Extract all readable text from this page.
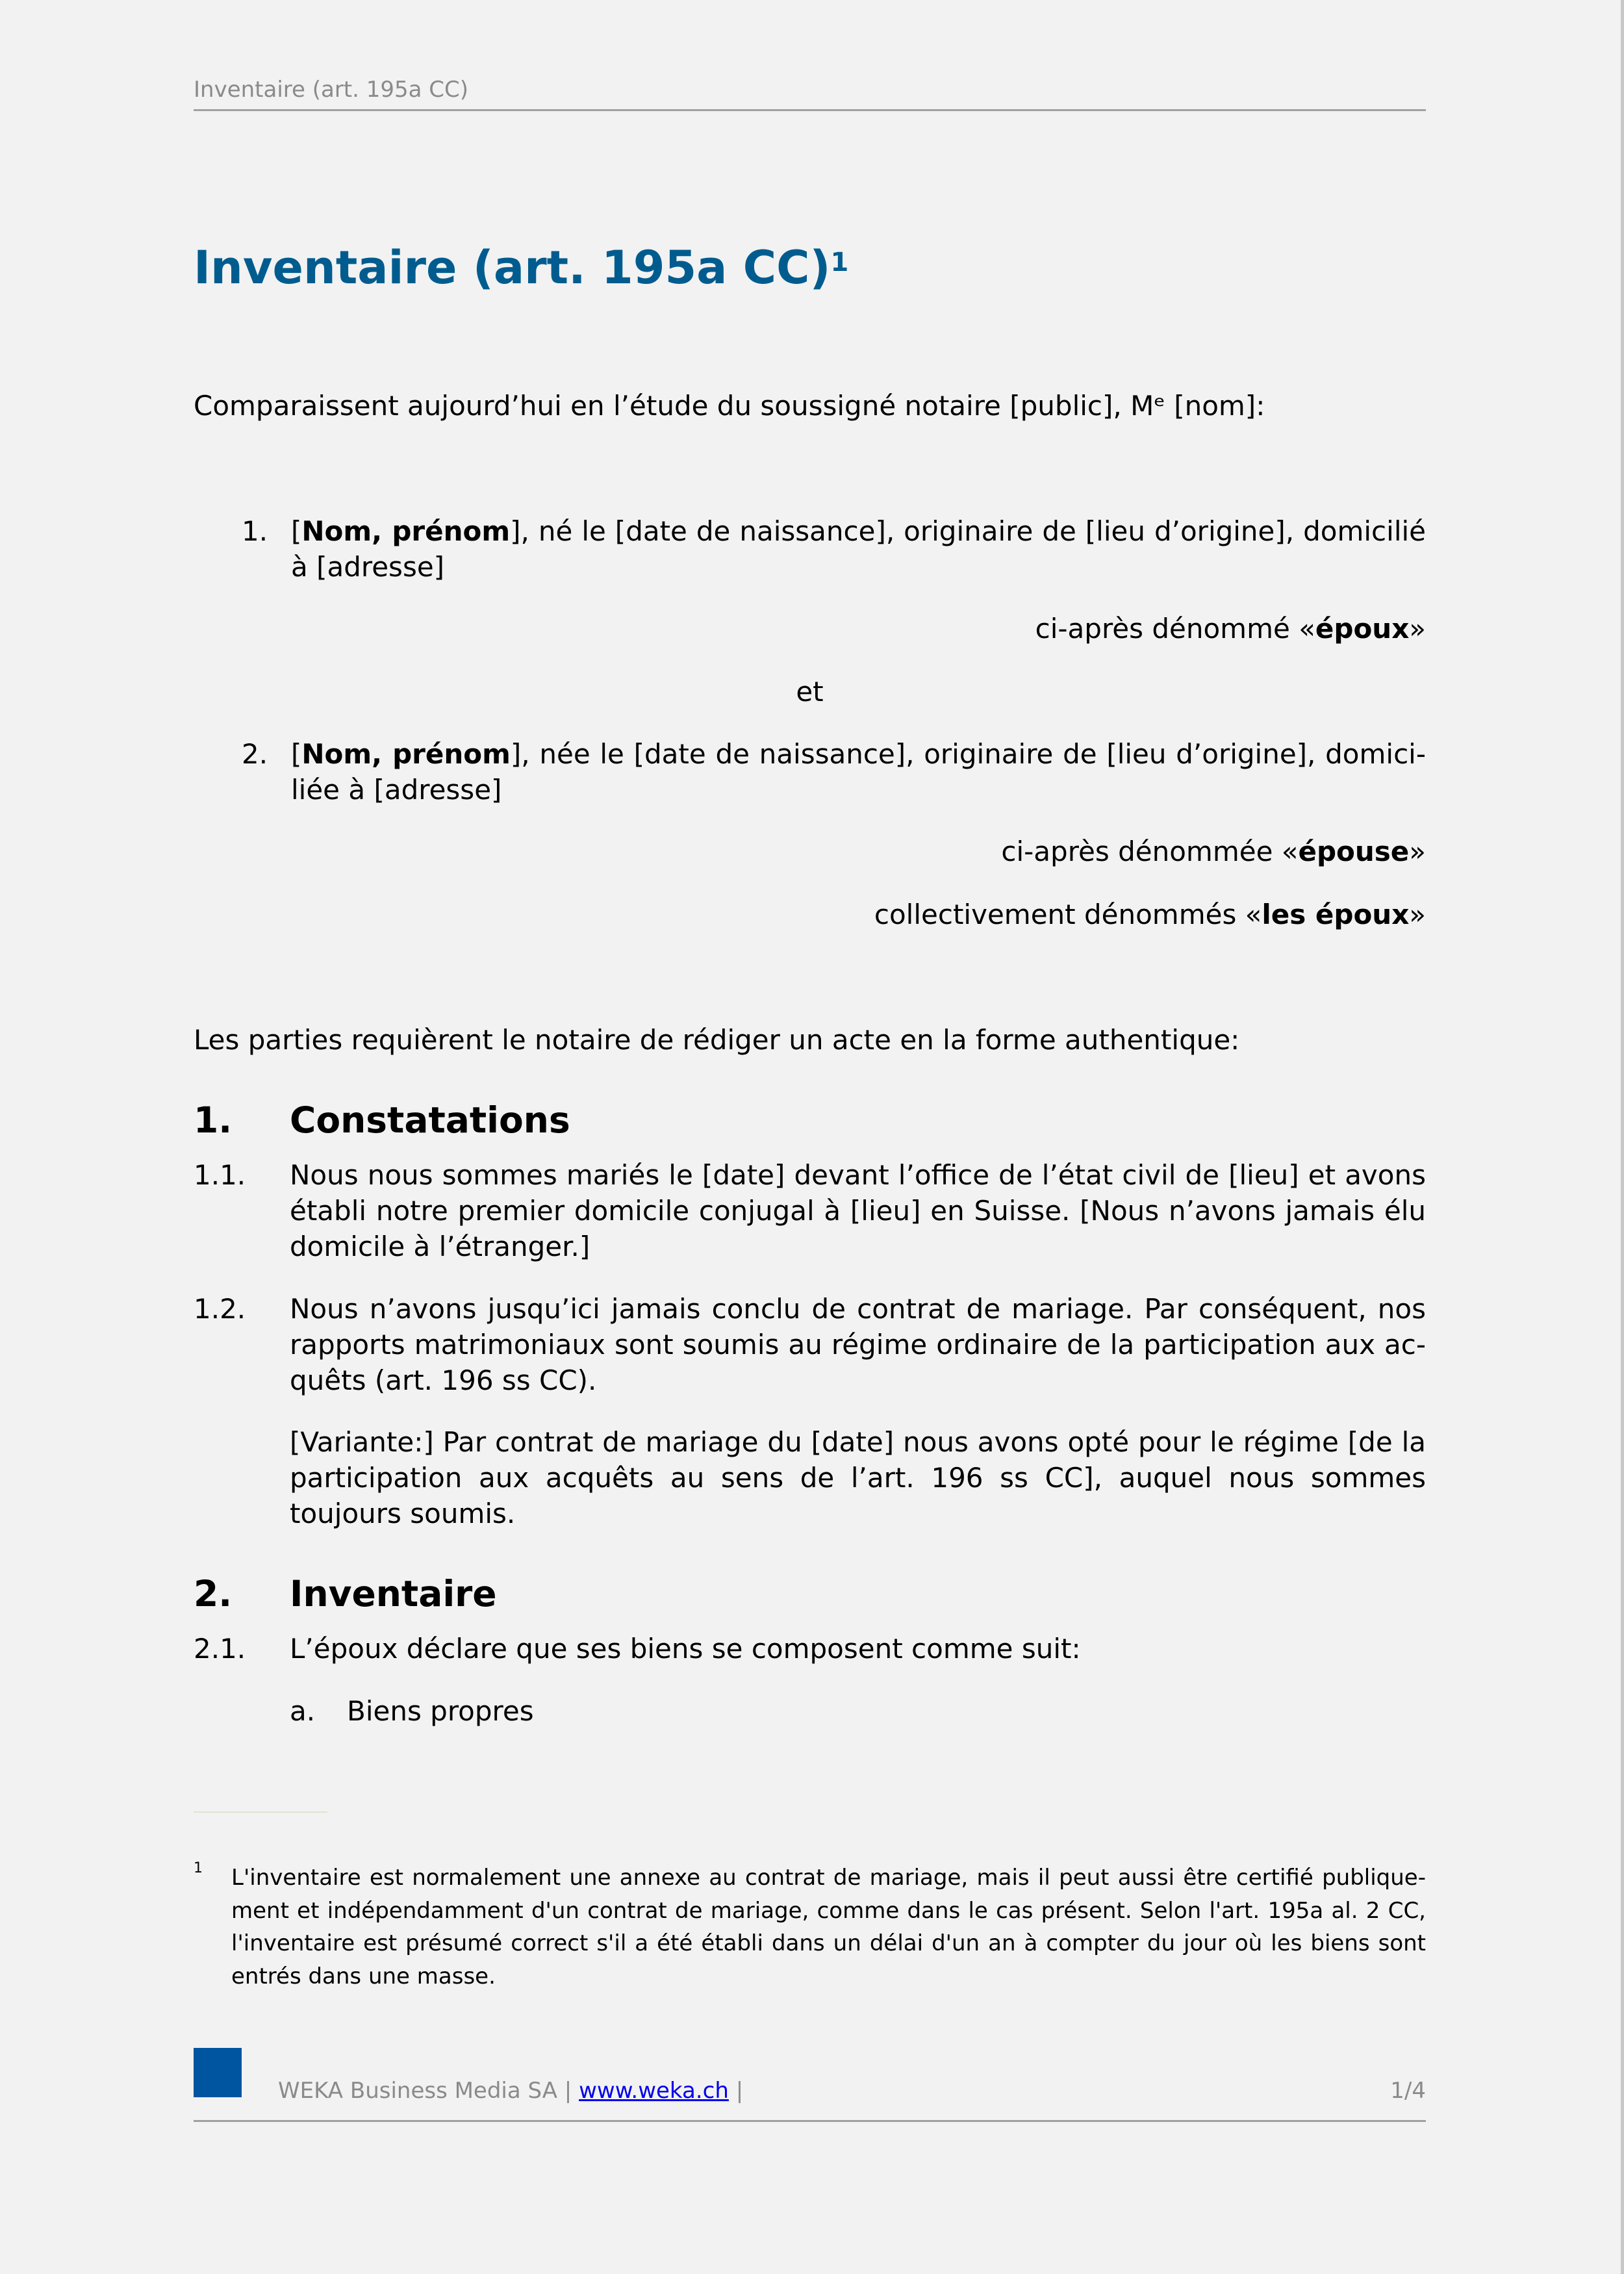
Inventaire (art. 195a CC)
Inventaire (art. 195a CC)$^1$
Comparaissent aujourd’hui en l’étude du soussigné notaire [public], Mᵉ [nom]:
1. [Nom, prénom], né le [date de naissance], originaire de [lieu d’origine], domicilié à [adresse]
ci-après dénommé «époux»
et
2. [Nom, prénom], née le [date de naissance], originaire de [lieu d’origine], domici-liée à [adresse]
ci-après dénommée «épouse»
collectivement dénommés «les époux»
Les parties requièrent le notaire de rédiger un acte en la forme authentique:
1. Constatations
1.1. Nous nous sommes mariés le [date] devant l’office de l’état civil de [lieu] et avons établi notre premier domicile conjugal à [lieu] en Suisse. [Nous n’avons jamais élu domicile à l’étranger.]
1.2. Nous n’avons jusqu’ici jamais conclu de contrat de mariage. Par conséquent, nos rapports matrimoniaux sont soumis au régime ordinaire de la participation aux ac-quêts (art. 196 ss CC).
[Variante:] Par contrat de mariage du [date] nous avons opté pour le régime [de la participation aux acquêts au sens de l’art. 196 ss CC], auquel nous sommes toujours soumis.
2. Inventaire
2.1. L’époux déclare que ses biens se composent comme suit:
a. Biens propres
1 L'inventaire est normalement une annexe au contrat de mariage, mais il peut aussi être certifié publique-ment et indépendamment d'un contrat de mariage, comme dans le cas présent. Selon l'art. 195a al. 2 CC, l'inventaire est présumé correct s'il a été établi dans un délai d'un an à compter du jour où les biens sont entrés dans une masse.
WEKA Business Media SA | www.weka.ch |	1/4
